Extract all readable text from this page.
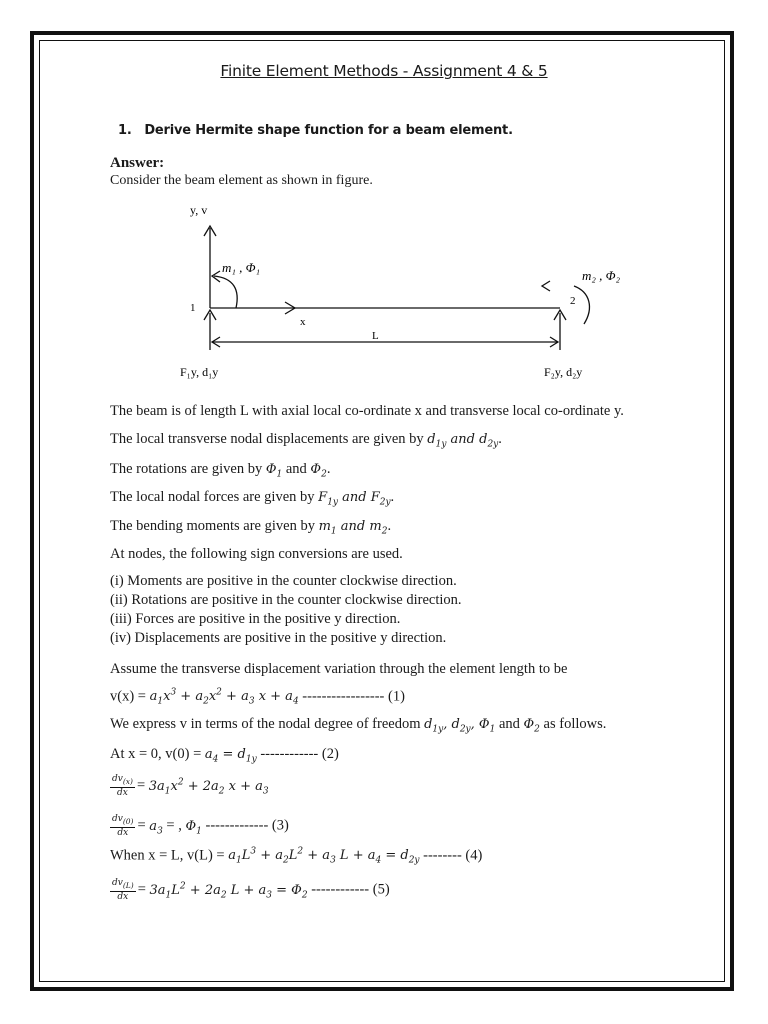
Finite Element Methods - Assignment 4 & 5
1. Derive Hermite shape function for a beam element.
Answer:
Consider the beam element as shown in figure.
y, v
x
1
2
m₁ , Φ₁
m₂ , Φ₂
L
F₁y, d₁y	F₂y, d₂y
The beam is of length L with axial local co-ordinate x and transverse local co-ordinate y.
The local transverse nodal displacements are given by $d_{1y}$ and $d_{2y}$.
The rotations are given by $\Phi_1$ and $\Phi_2$.
The local nodal forces are given by $F_{1y}$ and $F_{2y}$.
The bending moments are given by $m_1$ and $m_2$.
At nodes, the following sign conversions are used.
(i) Moments are positive in the counter clockwise direction.
(ii) Rotations are positive in the counter clockwise direction.
(iii) Forces are positive in the positive y direction.
(iv) Displacements are positive in the positive y direction.
Assume the transverse displacement variation through the element length to be
$v(x) = a_1x^3 + a_2x^2 + a_3$ $x + a_4$ ----------------- (1)
We express v in terms of the nodal degree of freedom $d_{1y}$, $d_{2y}$, $\Phi_1$ and $\Phi_2$ as follows.
At x = 0, $v(0) = a_4 = d_{1y}$ ------------ (2)
$\frac{dv_{(x)}}{dx} = 3a_1x^2 + 2a_2$ $x + a_3$
$\frac{dv_{(0)}}{dx} = a_3$ = , $\Phi_1$ ------------- (3)
When x = L, $v(L) = a_1L^3 + a_2L^2 + a_3$ $L + a_4 = d_{2y}$ -------- (4)
$\frac{dv_{(L)}}{dx} = 3a_1L^2 + 2a_2$ $L + a_3 = \Phi_2$ ------------ (5)
